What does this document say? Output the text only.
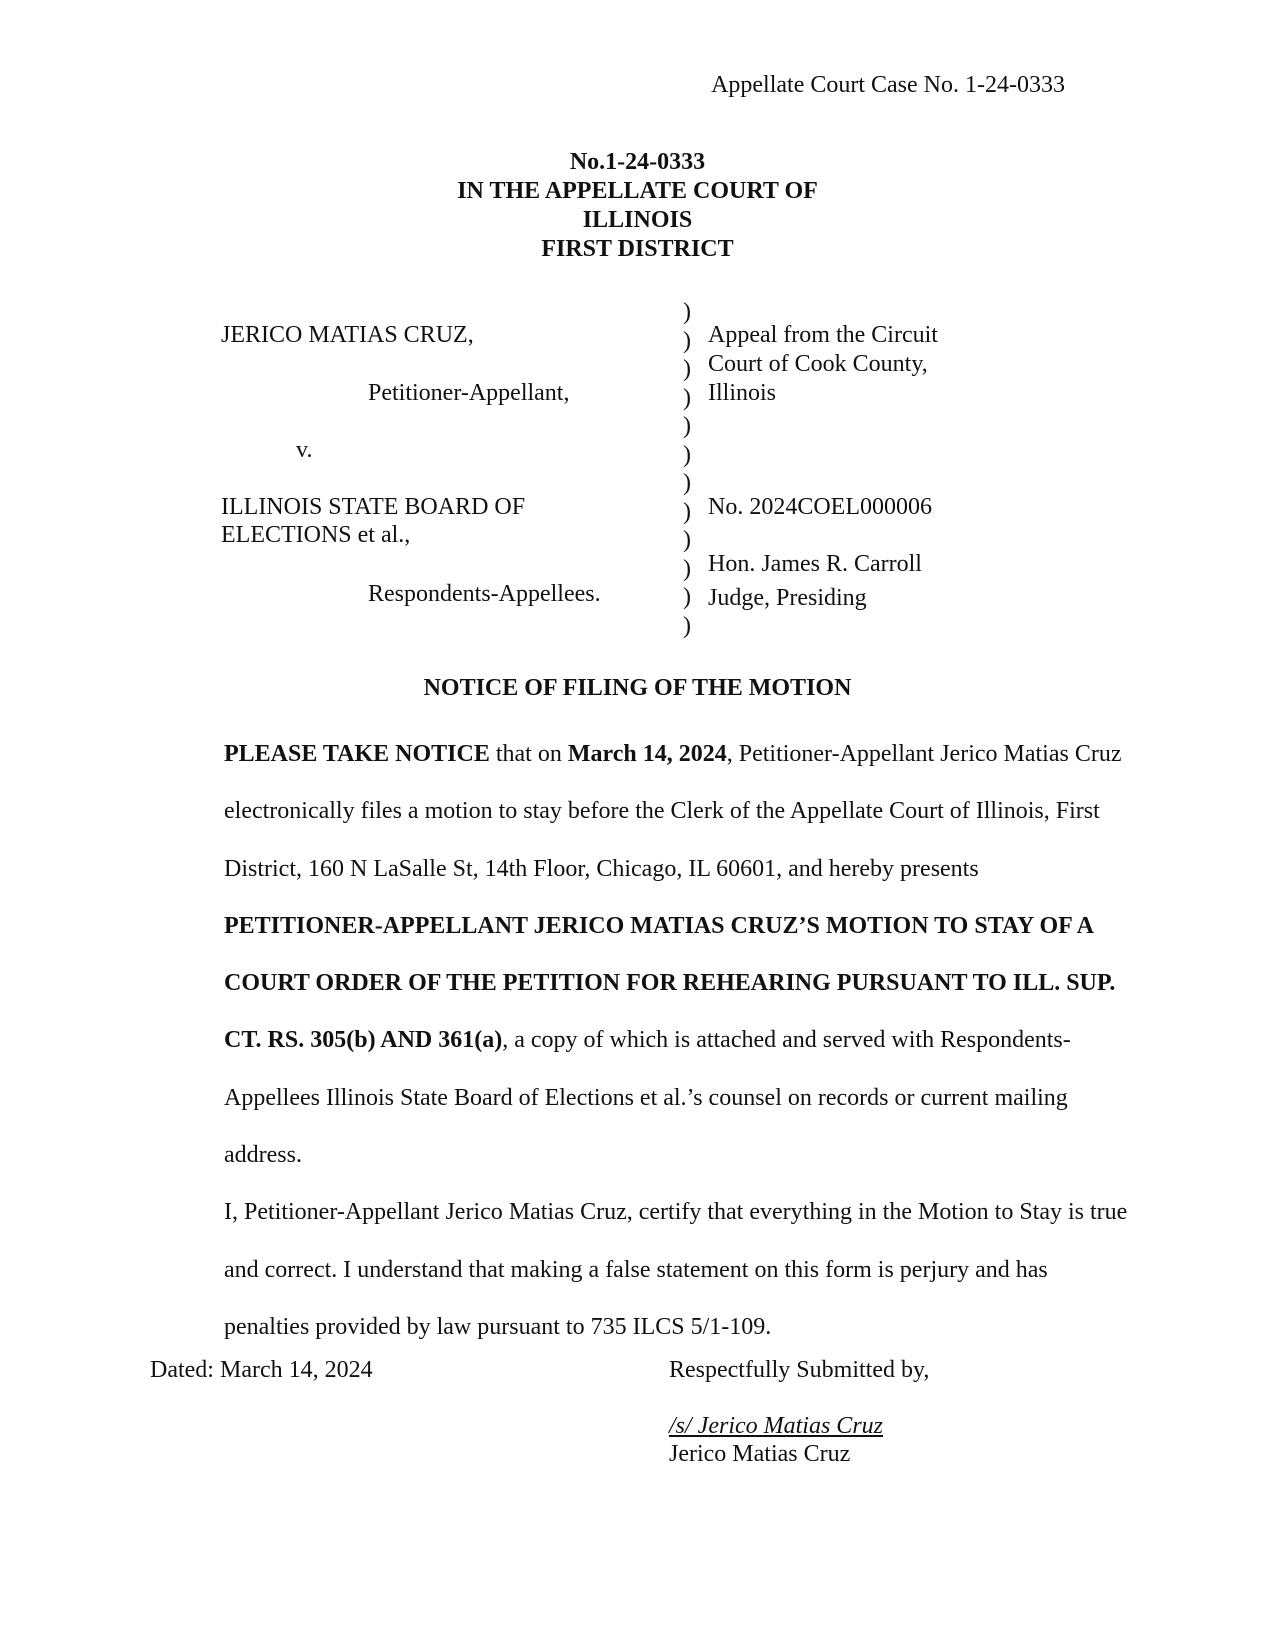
Appellate Court Case No. 1-24-0333
No.1-24-0333
IN THE APPELLATE COURT OF
ILLINOIS
FIRST DISTRICT
JERICO MATIAS CRUZ,
Petitioner-Appellant,
v.
ILLINOIS STATE BOARD OF
ELECTIONS et al.,
Respondents-Appellees.
)
)
)
)
)
)
)
)
)
)
)
)
Appeal from the Circuit
Court of Cook County,
Illinois
No. 2024COEL000006
Hon. James R. Carroll
Judge, Presiding
NOTICE OF FILING OF THE MOTION

PLEASE TAKE NOTICE that on March 14, 2024, Petitioner-Appellant Jerico Matias Cruz electronically files a motion to stay before the Clerk of the Appellate Court of Illinois, First District, 160 N LaSalle St, 14th Floor, Chicago, IL 60601, and hereby presents PETITIONER-APPELLANT JERICO MATIAS CRUZ’S MOTION TO STAY OF A COURT ORDER OF THE PETITION FOR REHEARING PURSUANT TO ILL. SUP. CT. RS. 305(b) AND 361(a), a copy of which is attached and served with Respondents-Appellees Illinois State Board of Elections et al.’s counsel on records or current mailing address.

I, Petitioner-Appellant Jerico Matias Cruz, certify that everything in the Motion to Stay is true and correct. I understand that making a false statement on this form is perjury and has penalties provided by law pursuant to 735 ILCS 5/1-109.

Dated: March 14, 2024	Respectfully Submitted by,
/s/ Jerico Matias Cruz
Jerico Matias Cruz
